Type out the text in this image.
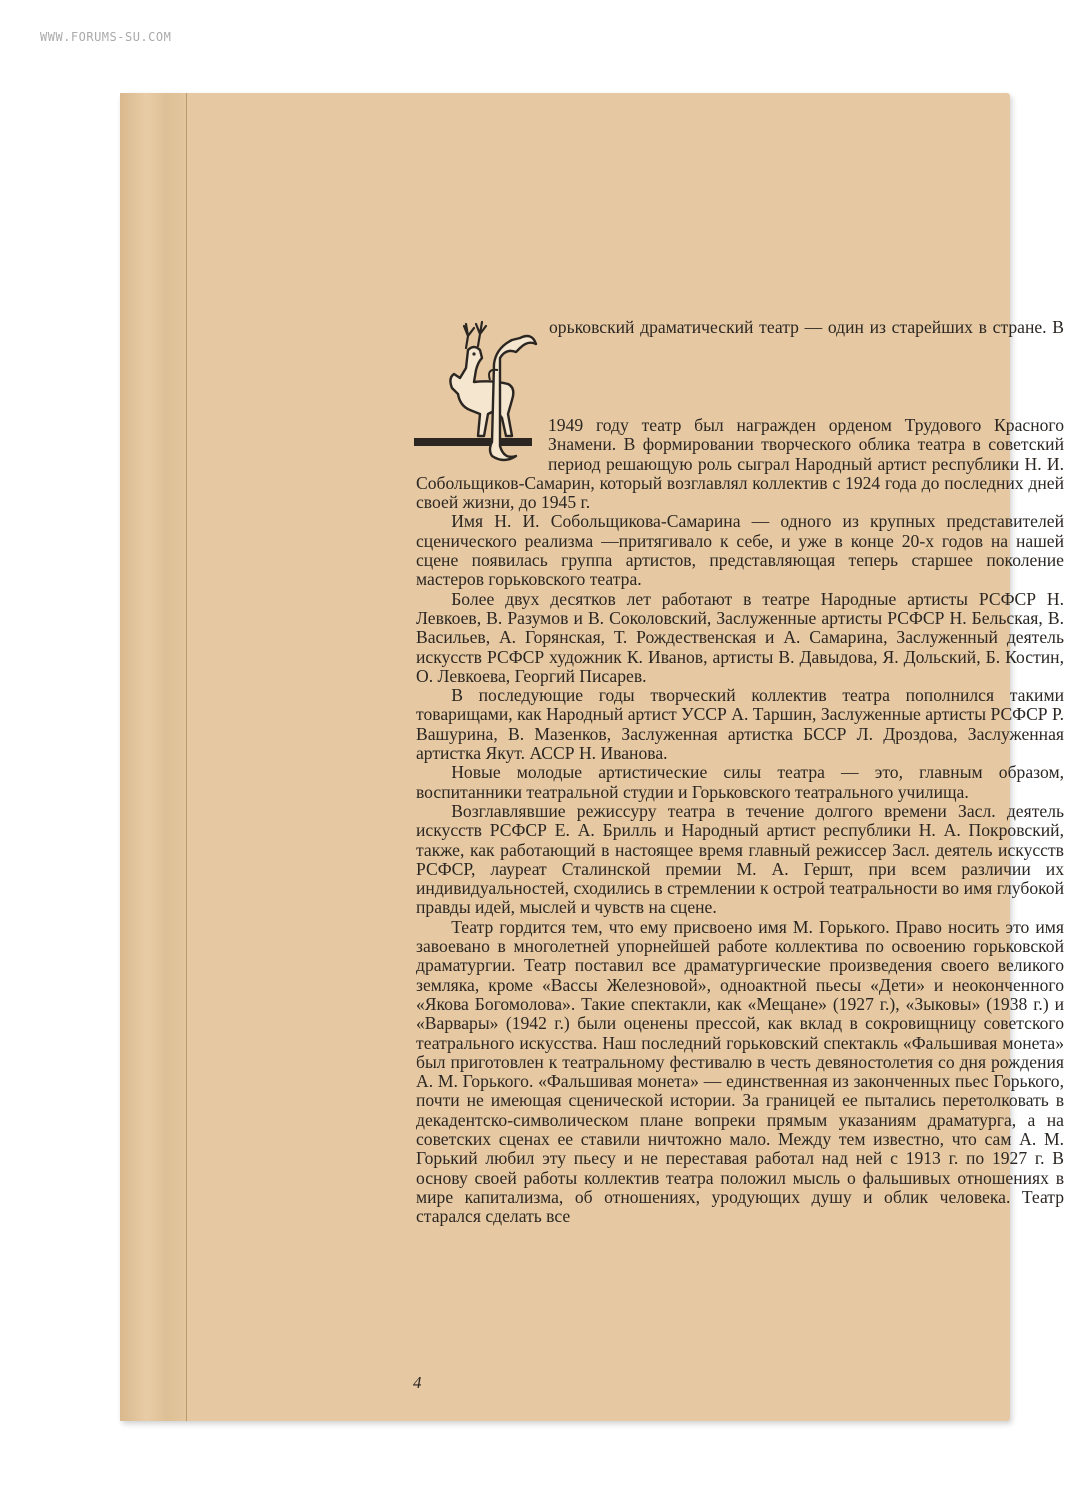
WWW.FORUMS-SU.COM

орьковский драматический театр — один из старейших в стране. В 1949 году театр был награжден орденом Трудового Красного Знамени. В формировании творческого облика театра в советский период решающую роль сыграл Народный артист республики Н. И. Собольщиков-Самарин, который возглавлял коллектив с 1924 года до последних дней своей жизни, до 1945 г.

Имя Н. И. Собольщикова-Самарина — одного из крупных представителей сценического реализма —притягивало к себе, и уже в конце 20-х годов на нашей сцене появилась группа артистов, представляющая теперь старшее поколение мастеров горьковского театра.

Более двух десятков лет работают в театре Народные артисты РСФСР Н. Левкоев, В. Разумов и В. Соколовский, Заслуженные артисты РСФСР Н. Бельская, В. Васильев, А. Горянская, Т. Рождественская и А. Самарина, Заслуженный деятель искусств РСФСР художник К. Иванов, артисты В. Давыдова, Я. Дольский, Б. Костин, О. Левкоева, Георгий Писарев.

В последующие годы творческий коллектив театра пополнился такими товарищами, как Народный артист УССР А. Таршин, Заслуженные артисты РСФСР Р. Вашурина, В. Мазенков, Заслуженная артистка БССР Л. Дроздова, Заслуженная артистка Якут. АССР Н. Иванова.

Новые молодые артистические силы театра — это, главным образом, воспитанники театральной студии и Горьковского театрального училища.

Возглавлявшие режиссуру театра в течение долгого времени Засл. деятель искусств РСФСР Е. А. Брилль и Народный артист республики Н. А. Покровский, также, как работающий в настоящее время главный режиссер Засл. деятель искусств РСФСР, лауреат Сталинской премии М. А. Гершт, при всем различии их индивидуальностей, сходились в стремлении к острой театральности во имя глубокой правды идей, мыслей и чувств на сцене.

Театр гордится тем, что ему присвоено имя М. Горького. Право носить это имя завоевано в многолетней упорнейшей работе коллектива по освоению горьковской драматургии. Театр поставил все драматургические произведения своего великого земляка, кроме «Вассы Железновой», одноактной пьесы «Дети» и неоконченного «Якова Богомолова». Такие спектакли, как «Мещане» (1927 г.), «Зыковы» (1938 г.) и «Варвары» (1942 г.) были оценены прессой, как вклад в сокровищницу советского театрального искусства. Наш последний горьковский спектакль «Фальшивая монета» был приготовлен к театральному фестивалю в честь девяностолетия со дня рождения А. М. Горького. «Фальшивая монета» — единственная из законченных пьес Горького, почти не имеющая сценической истории. За границей ее пытались перетолковать в декадентско-символическом плане вопреки прямым указаниям драматурга, а на советских сценах ее ставили ничтожно мало. Между тем известно, что сам А. М. Горький любил эту пьесу и не переставая работал над ней с 1913 г. по 1927 г. В основу своей работы коллектив театра положил мысль о фальшивых отношениях в мире капитализма, об отношениях, уродующих душу и облик человека. Театр старался сделать все

4
